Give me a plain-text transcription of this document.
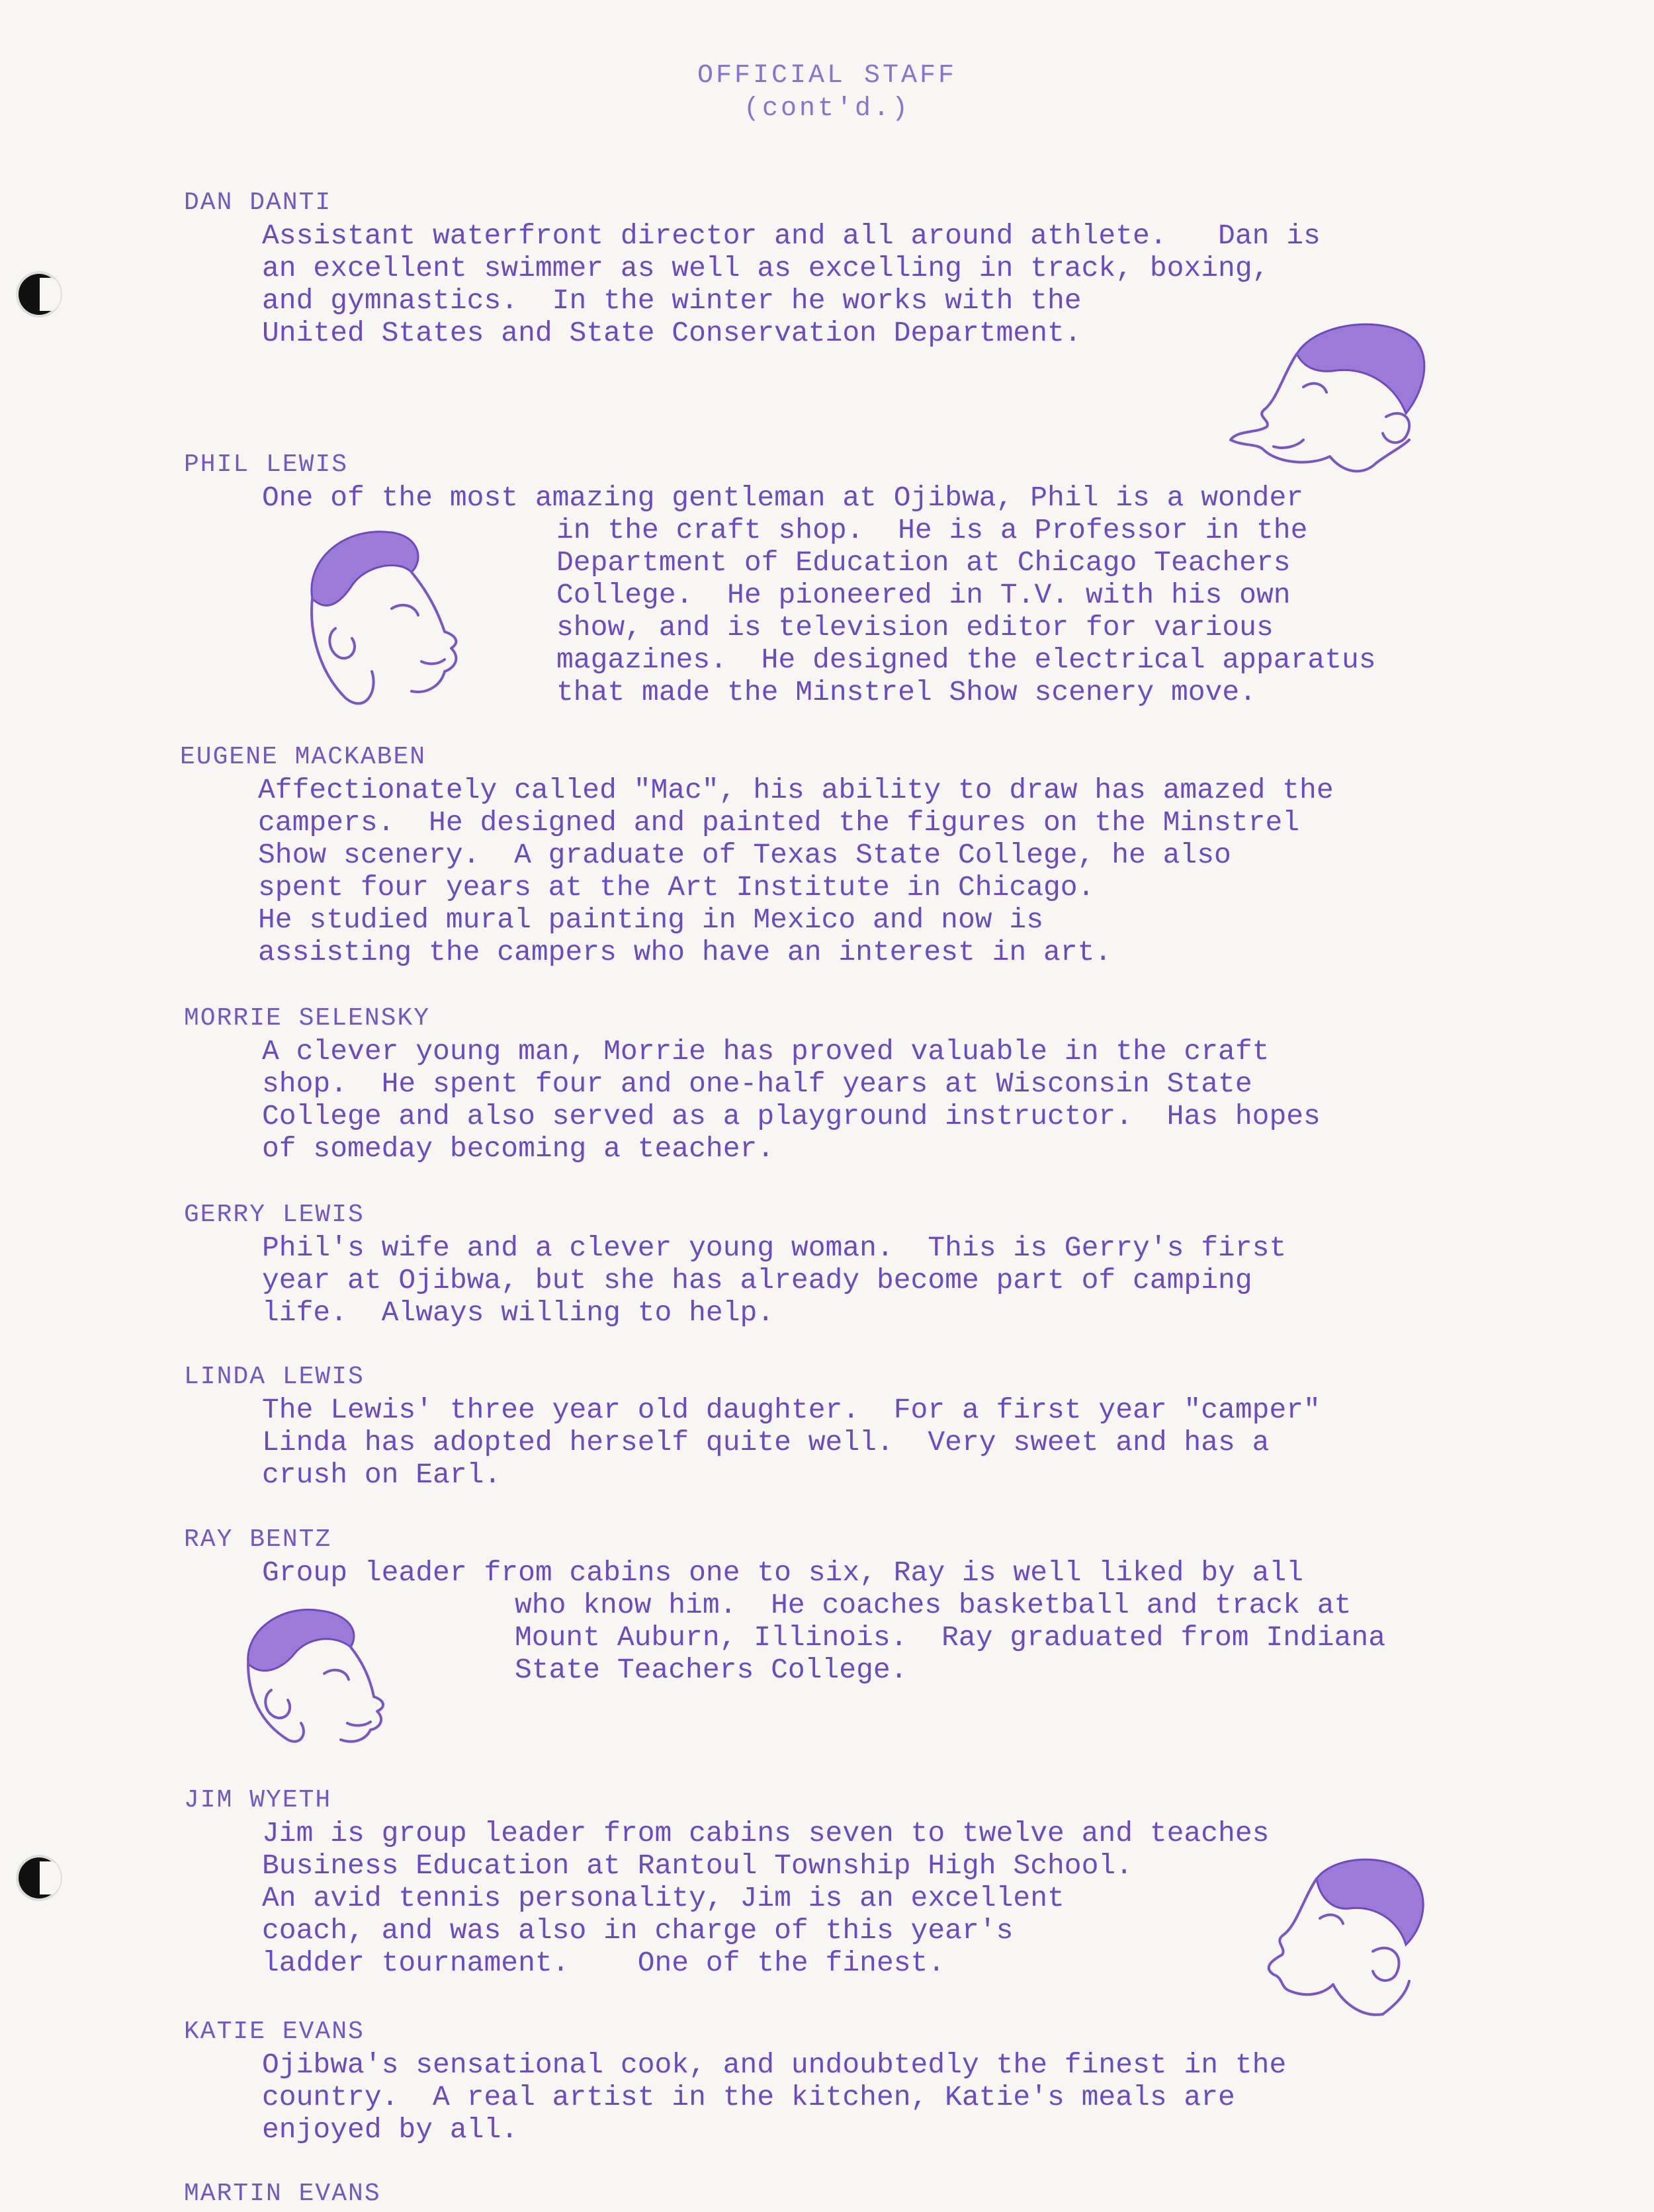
OFFICIAL STAFF
(cont'd.)
DAN DANTI

Assistant waterfront director and all around athlete.   Dan is
an excellent swimmer as well as excelling in track, boxing,
and gymnastics.  In the winter he works with the
United States and State Conservation Department.

PHIL LEWIS

One of the most amazing gentleman at Ojibwa, Phil is a wonder
in the craft shop.  He is a Professor in the
Department of Education at Chicago Teachers
College.  He pioneered in T.V. with his own
show, and is television editor for various
magazines.  He designed the electrical apparatus
that made the Minstrel Show scenery move.

EUGENE MACKABEN

Affectionately called "Mac", his ability to draw has amazed the
campers.  He designed and painted the figures on the Minstrel
Show scenery.  A graduate of Texas State College, he also
spent four years at the Art Institute in Chicago.
He studied mural painting in Mexico and now is
assisting the campers who have an interest in art.

MORRIE SELENSKY

A clever young man, Morrie has proved valuable in the craft
shop.  He spent four and one-half years at Wisconsin State
College and also served as a playground instructor.  Has hopes
of someday becoming a teacher.

GERRY LEWIS

Phil's wife and a clever young woman.  This is Gerry's first
year at Ojibwa, but she has already become part of camping
life.  Always willing to help.

LINDA LEWIS

The Lewis' three year old daughter.  For a first year "camper"
Linda has adopted herself quite well.  Very sweet and has a
crush on Earl.

RAY BENTZ

Group leader from cabins one to six, Ray is well liked by all
who know him.  He coaches basketball and track at
Mount Auburn, Illinois.  Ray graduated from Indiana
State Teachers College.

JIM WYETH

Jim is group leader from cabins seven to twelve and teaches
Business Education at Rantoul Township High School.
An avid tennis personality, Jim is an excellent
coach, and was also in charge of this year's
ladder tournament.    One of the finest.

KATIE EVANS

Ojibwa's sensational cook, and undoubtedly the finest in the
country.  A real artist in the kitchen, Katie's meals are
enjoyed by all.

MARTIN EVANS
